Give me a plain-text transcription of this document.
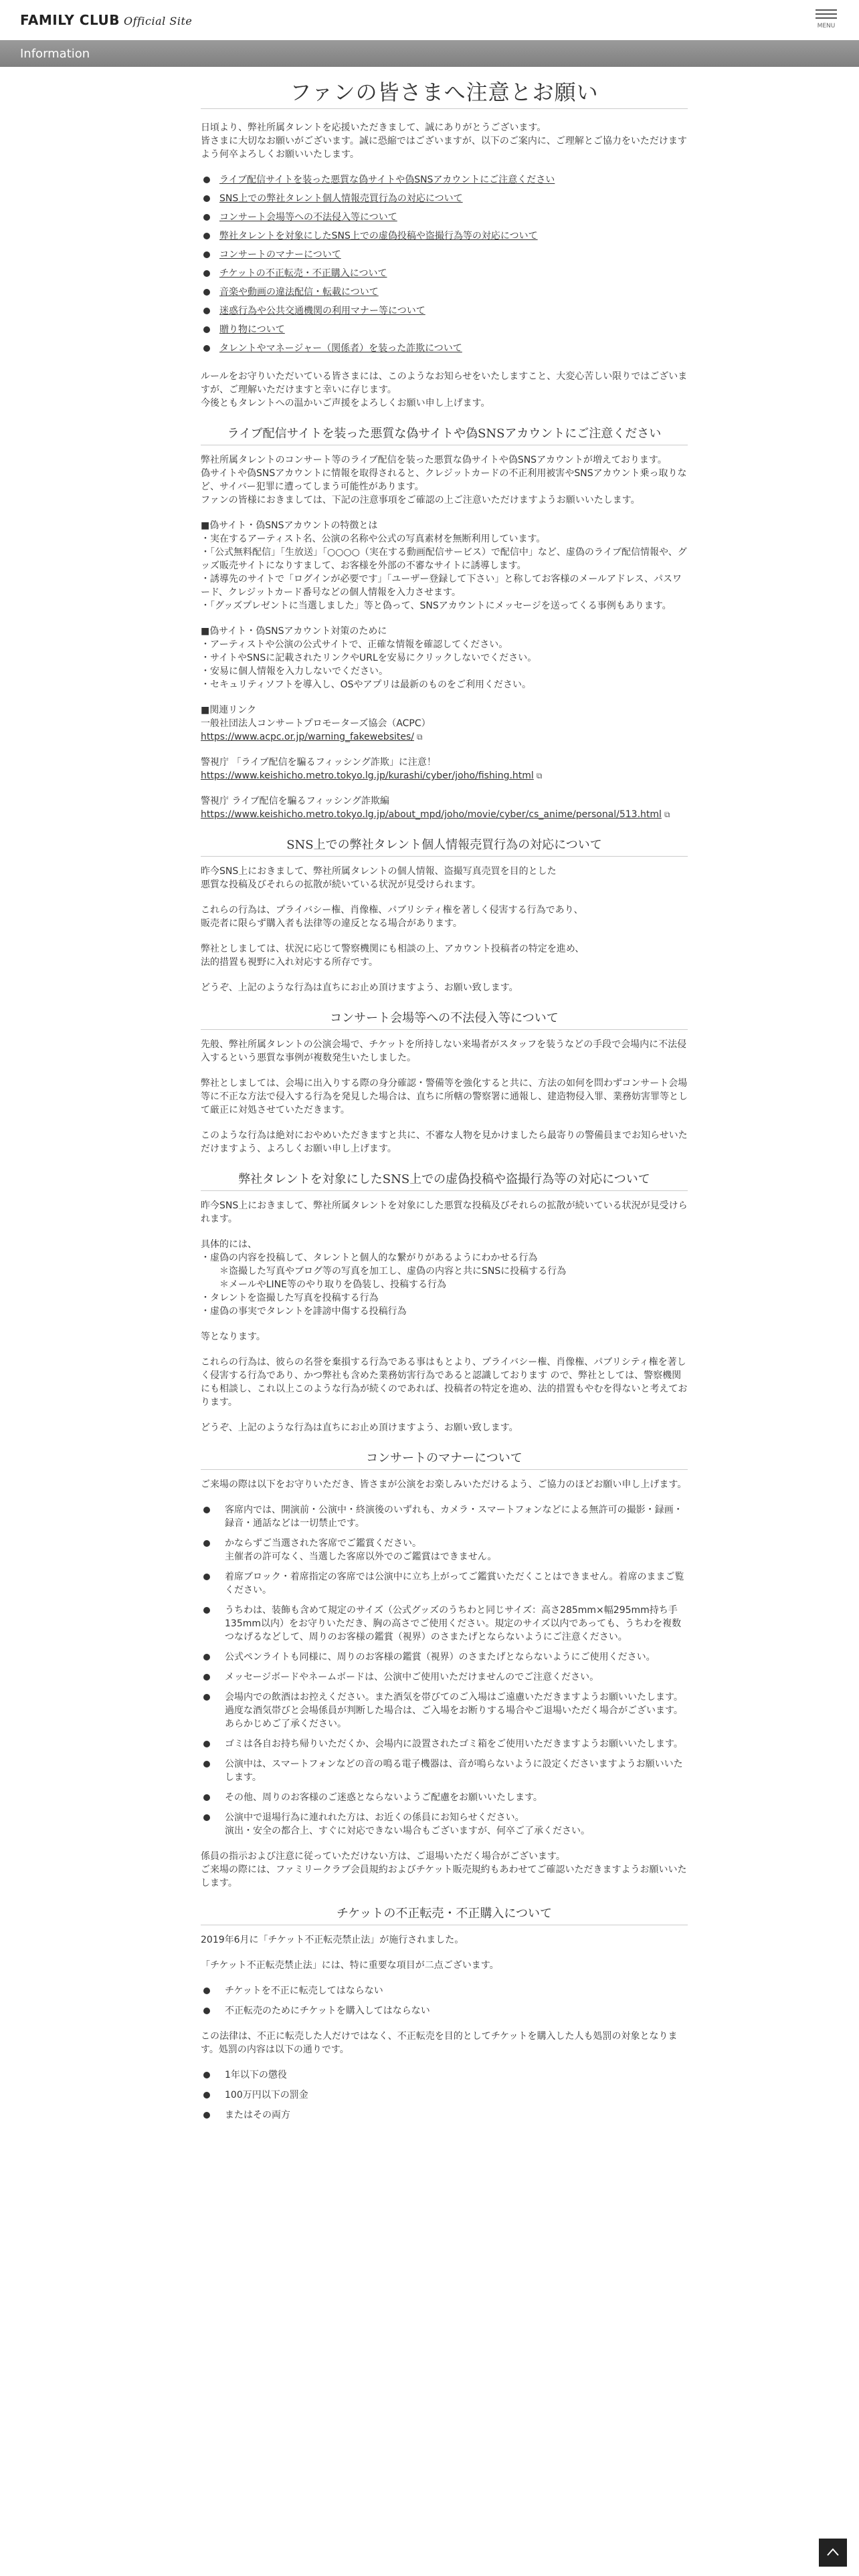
FAMILY CLUB Official Site	MENU
Information
ファンの皆さまへ注意とお願い

日頃より、弊社所属タレントを応援いただきまして、誠にありがとうございます。
皆さまに大切なお願いがございます。誠に恐縮ではございますが、以下のご案内に、ご理解とご協力をいただけますよう何卒よろしくお願いいたします。

ライブ配信サイトを装った悪質な偽サイトや偽SNSアカウントにご注意ください
SNS上での弊社タレント個人情報売買行為の対応について
コンサート会場等への不法侵入等について
弊社タレントを対象にしたSNS上での虚偽投稿や盗撮行為等の対応について
コンサートのマナーについて
チケットの不正転売・不正購入について
音楽や動画の違法配信・転載について
迷惑行為や公共交通機関の利用マナー等について
贈り物について
タレントやマネージャー（関係者）を装った詐欺について

ルールをお守りいただいている皆さまには、このようなお知らせをいたしますこと、大変心苦しい限りではございますが、ご理解いただけますと幸いに存じます。
今後ともタレントへの温かいご声援をよろしくお願い申し上げます。

ライブ配信サイトを装った悪質な偽サイトや偽SNSアカウントにご注意ください
弊社所属タレントのコンサート等のライブ配信を装った悪質な偽サイトや偽SNSアカウントが増えております。
偽サイトや偽SNSアカウントに情報を取得されると、クレジットカードの不正利用被害やSNSアカウント乗っ取りなど、サイバー犯罪に遭ってしまう可能性があります。
ファンの皆様におきましては、下記の注意事項をご確認の上ご注意いただけますようお願いいたします。
■偽サイト・偽SNSアカウントの特徴とは
・実在するアーティスト名、公演の名称や公式の写真素材を無断利用しています。
・「公式無料配信」「生放送」「○○○○（実在する動画配信サービス）で配信中」など、虚偽のライブ配信情報や、グッズ販売サイトになりすまして、お客様を外部の不審なサイトに誘導します。
・誘導先のサイトで「ログインが必要です」「ユーザー登録して下さい」と称してお客様のメールアドレス、パスワード、クレジットカード番号などの個人情報を入力させます。
・「グッズプレゼントに当選しました」等と偽って、SNSアカウントにメッセージを送ってくる事例もあります。
■偽サイト・偽SNSアカウント対策のために
・アーティストや公演の公式サイトで、正確な情報を確認してください。
・サイトやSNSに記載されたリンクやURLを安易にクリックしないでください。
・安易に個人情報を入力しないでください。
・セキュリティソフトを導入し、OSやアプリは最新のものをご利用ください。
■関連リンク
一般社団法人コンサートプロモーターズ協会（ACPC）
https://www.acpc.or.jp/warning_fakewebsites/ ⧉
警視庁 「ライブ配信を騙るフィッシング詐欺」に注意！
https://www.keishicho.metro.tokyo.lg.jp/kurashi/cyber/joho/fishing.html ⧉
警視庁 ライブ配信を騙るフィッシング詐欺編
https://www.keishicho.metro.tokyo.lg.jp/about_mpd/joho/movie/cyber/cs_anime/personal/513.html ⧉
SNS上での弊社タレント個人情報売買行為の対応について
昨今SNS上におきまして、弊社所属タレントの個人情報、盗撮写真売買を目的とした
悪質な投稿及びそれらの拡散が続いている状況が見受けられます。
これらの行為は、プライバシー権、肖像権、パブリシティ権を著しく侵害する行為であり、
販売者に限らず購入者も法律等の違反となる場合があります。
弊社としましては、状況に応じて警察機関にも相談の上、アカウント投稿者の特定を進め、
法的措置も視野に入れ対応する所存です。
どうぞ、上記のような行為は直ちにお止め頂けますよう、お願い致します。
コンサート会場等への不法侵入等について
先般、弊社所属タレントの公演会場で、チケットを所持しない来場者がスタッフを装うなどの手段で会場内に不法侵入するという悪質な事例が複数発生いたしました。
弊社としましては、会場に出入りする際の身分確認・警備等を強化すると共に、方法の如何を問わずコンサート会場等に不正な方法で侵入する行為を発見した場合は、直ちに所轄の警察署に通報し、建造物侵入罪、業務妨害罪等として厳正に対処させていただきます。
このような行為は絶対におやめいただきますと共に、不審な人物を見かけましたら最寄りの警備員までお知らせいただけますよう、よろしくお願い申し上げます。
弊社タレントを対象にしたSNS上での虚偽投稿や盗撮行為等の対応について
昨今SNS上におきまして、弊社所属タレントを対象にした悪質な投稿及びそれらの拡散が続いている状況が見受けられます。
具体的には、
・虚偽の内容を投稿して、タレントと個人的な繋がりがあるようにわかせる行為
　　＊盗撮した写真やブログ等の写真を加工し、虚偽の内容と共にSNSに投稿する行為
　　＊メールやLINE等のやり取りを偽装し、投稿する行為
・タレントを盗撮した写真を投稿する行為
・虚偽の事実でタレントを誹謗中傷する投稿行為
等となります。
これらの行為は、彼らの名誉を棄損する行為である事はもとより、プライバシー権、肖像権、パブリシティ権を著しく侵害する行為であり、かつ弊社も含めた業務妨害行為であると認識しております ので、弊社としては、警察機関にも相談し、これ以上このような行為が続くのであれば、投稿者の特定を進め、法的措置もやむを得ないと考えております。
どうぞ、上記のような行為は直ちにお止め頂けますよう、お願い致します。
コンサートのマナーについて
ご来場の際は以下をお守りいただき、皆さまが公演をお楽しみいただけるよう、ご協力のほどお願い申し上げます。
客席内では、開演前・公演中・終演後のいずれも、カメラ・スマートフォンなどによる無許可の撮影・録画・録音・通話などは一切禁止です。
かならずご当選された客席でご鑑賞ください。
主催者の許可なく、当選した客席以外でのご鑑賞はできません。
着席ブロック・着席指定の客席では公演中に立ち上がってご鑑賞いただくことはできません。着席のままご覧ください。
うちわは、装飾も含めて規定のサイズ（公式グッズのうちわと同じサイズ：高さ285mm×幅295mm持ち手135mm以内）をお守りいただき、胸の高さでご使用ください。規定のサイズ以内であっても、うちわを複数つなげるなどして、周りのお客様の鑑賞（視界）のさまたげとならないようにご注意ください。
公式ペンライトも同様に、周りのお客様の鑑賞（視界）のさまたげとならないようにご使用ください。
メッセージボードやネームボードは、公演中ご使用いただけませんのでご注意ください。
会場内での飲酒はお控えください。また酒気を帯びてのご入場はご遠慮いただきますようお願いいたします。過度な酒気帯びと会場係員が判断した場合は、ご入場をお断りする場合やご退場いただく場合がございます。あらかじめご了承ください。
ゴミは各自お持ち帰りいただくか、会場内に設置されたゴミ箱をご使用いただきますようお願いいたします。
公演中は、スマートフォンなどの音の鳴る電子機器は、音が鳴らないように設定くださいますようお願いいたします。
その他、周りのお客様のご迷惑とならないようご配慮をお願いいたします。
公演中で退場行為に連れれた方は、お近くの係員にお知らせください。
演出・安全の都合上、すぐに対応できない場合もございますが、何卒ご了承ください。
係員の指示および注意に従っていただけない方は、ご退場いただく場合がございます。
ご来場の際には、ファミリークラブ会員規約およびチケット販売規約もあわせてご確認いただきますようお願いいたします。
チケットの不正転売・不正購入について
2019年6月に「チケット不正転売禁止法」が施行されました。
「チケット不正転売禁止法」には、特に重要な項目が二点ございます。
チケットを不正に転売してはならない
不正転売のためにチケットを購入してはならない
この法律は、不正に転売した人だけではなく、不正転売を目的としてチケットを購入した人も処罰の対象となります。処罰の内容は以下の通りです。
1年以下の懲役
100万円以下の罰金
またはその両方
